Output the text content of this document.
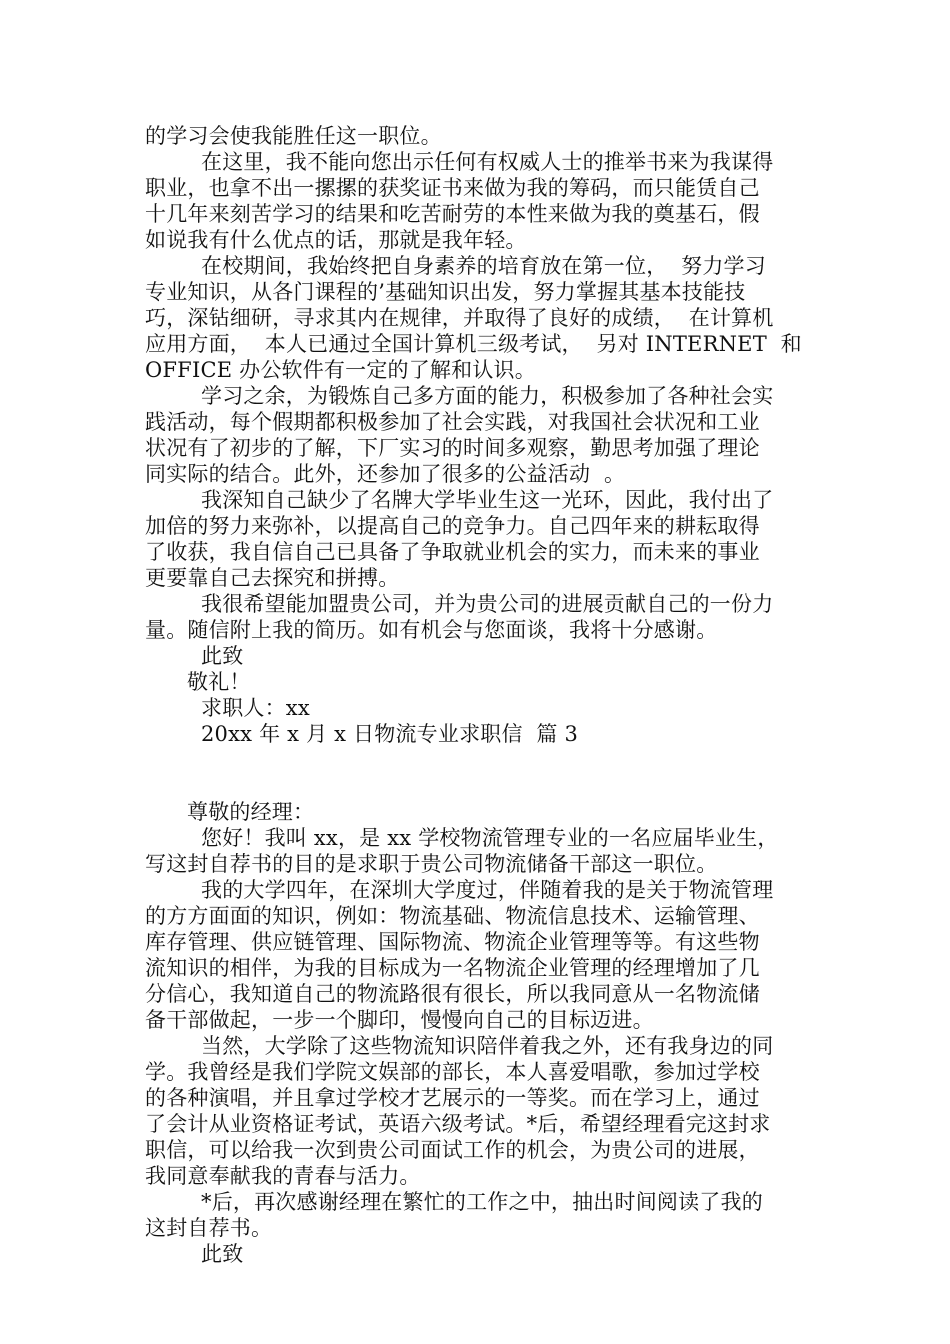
的学习会使我能胜任这一职位。
在这里，我不能向您出示任何有权威人士的推举书来为我谋得
职业，也拿不出一摞摞的获奖证书来做为我的筹码，而只能赁自己
十几年来刻苦学习的结果和吃苦耐劳的本性来做为我的奠基石，假
如说我有什么优点的话，那就是我年轻。
在校期间，我始终把自身素养的培育放在第一位，  努力学习
专业知识，从各门课程的’基础知识出发，努力掌握其基本技能技
巧，深钻细研，寻求其内在规律，并取得了良好的成绩，  在计算机
应用方面，  本人已通过全国计算机三级考试，  另对 INTERNET  和
OFFICE 办公软件有一定的了解和认识。
学习之余，为锻炼自己多方面的能力，积极参加了各种社会实
践活动，每个假期都积极参加了社会实践，对我国社会状况和工业
状况有了初步的了解，下厂实习的时间多观察，勤思考加强了理论
同实际的结合。此外，还参加了很多的公益活动  。
我深知自己缺少了名牌大学毕业生这一光环，因此，我付出了
加倍的努力来弥补，以提高自己的竞争力。自己四年来的耕耘取得
了收获，我自信自己已具备了争取就业机会的实力，而未来的事业
更要靠自己去探究和拼搏。
我很希望能加盟贵公司，并为贵公司的进展贡献自己的一份力
量。随信附上我的简历。如有机会与您面谈，我将十分感谢。
此致
敬礼！
求职人：xx
20xx 年 x 月 x 日物流专业求职信  篇 3
尊敬的经理：
您好！我叫 xx，是 xx 学校物流管理专业的一名应届毕业生，
写这封自荐书的目的是求职于贵公司物流储备干部这一职位。
我的大学四年，在深圳大学度过，伴随着我的是关于物流管理
的方方面面的知识，例如：物流基础、物流信息技术、运输管理、
库存管理、供应链管理、国际物流、物流企业管理等等。有这些物
流知识的相伴，为我的目标成为一名物流企业管理的经理增加了几
分信心，我知道自己的物流路很有很长，所以我同意从一名物流储
备干部做起，一步一个脚印，慢慢向自己的目标迈进。
当然，大学除了这些物流知识陪伴着我之外，还有我身边的同
学。我曾经是我们学院文娱部的部长，本人喜爱唱歌，参加过学校
的各种演唱，并且拿过学校才艺展示的一等奖。而在学习上，通过
了会计从业资格证考试，英语六级考试。*后，希望经理看完这封求
职信，可以给我一次到贵公司面试工作的机会，为贵公司的进展，
我同意奉献我的青春与活力。
*后，再次感谢经理在繁忙的工作之中，抽出时间阅读了我的
这封自荐书。
此致
